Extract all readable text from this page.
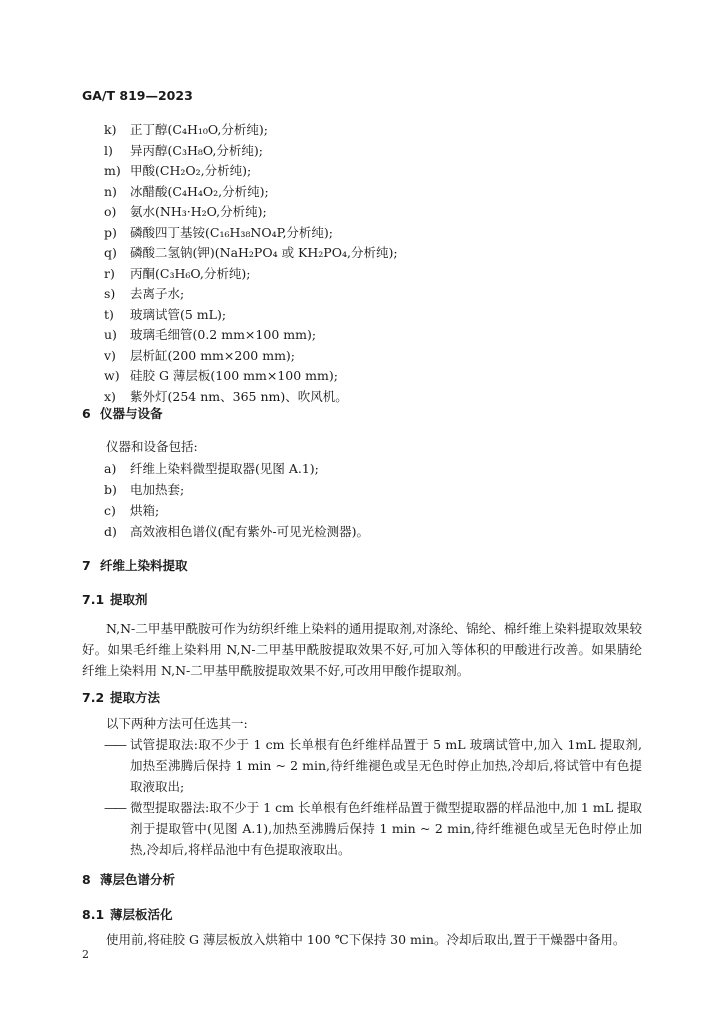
GA/T 819—2023
k) 正丁醇(C₄H₁₀O,分析纯);
l) 异丙醇(C₃H₈O,分析纯);
m) 甲酸(CH₂O₂,分析纯);
n) 冰醋酸(C₄H₄O₂,分析纯);
o) 氨水(NH₃·H₂O,分析纯);
p) 磷酸四丁基铵(C₁₆H₃₈NO₄P,分析纯);
q) 磷酸二氢钠(钾)(NaH₂PO₄ 或 KH₂PO₄,分析纯);
r) 丙酮(C₃H₆O,分析纯);
s) 去离子水;
t) 玻璃试管(5 mL);
u) 玻璃毛细管(0.2 mm×100 mm);
v) 层析缸(200 mm×200 mm);
w) 硅胶 G 薄层板(100 mm×100 mm);
x) 紫外灯(254 nm、365 nm)、吹风机。
6 仪器与设备
仪器和设备包括:
a) 纤维上染料微型提取器(见图 A.1);
b) 电加热套;
c) 烘箱;
d) 高效液相色谱仪(配有紫外-可见光检测器)。
7 纤维上染料提取
7.1 提取剂
N,N-二甲基甲酰胺可作为纺织纤维上染料的通用提取剂,对涤纶、锦纶、棉纤维上染料提取效果较好。如果毛纤维上染料用 N,N-二甲基甲酰胺提取效果不好,可加入等体积的甲酸进行改善。如果腈纶纤维上染料用 N,N-二甲基甲酰胺提取效果不好,可改用甲酸作提取剂。
7.2 提取方法
以下两种方法可任选其一:
—— 试管提取法:取不少于 1 cm 长单根有色纤维样品置于 5 mL 玻璃试管中,加入 1mL 提取剂,加热至沸腾后保持 1 min ~ 2 min,待纤维褪色或呈无色时停止加热,冷却后,将试管中有色提取液取出;
—— 微型提取器法:取不少于 1 cm 长单根有色纤维样品置于微型提取器的样品池中,加 1 mL 提取剂于提取管中(见图 A.1),加热至沸腾后保持 1 min ~ 2 min,待纤维褪色或呈无色时停止加热,冷却后,将样品池中有色提取液取出。
8 薄层色谱分析
8.1 薄层板活化
使用前,将硅胶 G 薄层板放入烘箱中 100 ℃下保持 30 min。冷却后取出,置于干燥器中备用。
2
